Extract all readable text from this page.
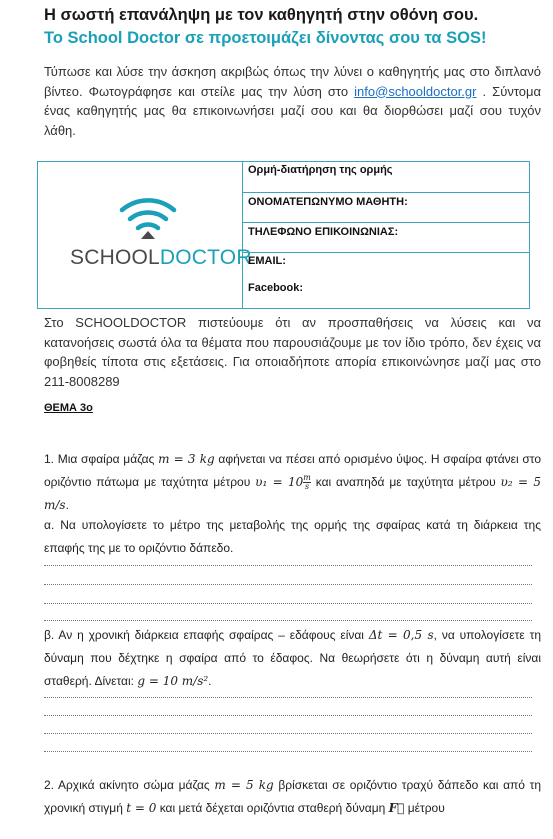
Η σωστή επανάληψη με τον καθηγητή στην οθόνη σου.
Το School Doctor σε προετοιμάζει δίνοντας σου τα SOS!
Τύπωσε και λύσε την άσκηση ακριβώς όπως την λύνει ο καθηγητής μας στο διπλανό βίντεο. Φωτογράφησε και στείλε μας την λύση στο info@schooldoctor.gr . Σύντομα ένας καθηγητής μας θα επικοινωνήσει μαζί σου και θα διορθώσει μαζί σου τυχόν λάθη.
SCHOOLDOCTOR
Ορμή-διατήρηση της ορμής
ΟΝΟΜΑΤΕΠΩΝΥΜΟ ΜΑΘΗΤΗ:
ΤΗΛΕΦΩΝΟ ΕΠΙΚΟΙΝΩΝΙΑΣ:
EMAIL:
Facebook:
Στο SCHOOLDOCTOR πιστεύουμε ότι αν προσπαθήσεις να λύσεις και να κατανοήσεις σωστά όλα τα θέματα που παρουσιάζουμε με τον ίδιο τρόπο, δεν έχεις να φοβηθείς τίποτα στις εξετάσεις. Για οποιαδήποτε απορία επικοινώνησε μαζί μας στο 211-8008289
ΘΕΜΑ 3ο
1. Μια σφαίρα μάζας m = 3 kg αφήνεται να πέσει από ορισμένο ύψος. Η σφαίρα φτάνει στο οριζόντιο πάτωμα με ταχύτητα μέτρου $\upsilon_1 = 10 \frac{m}{s}$ και αναπηδά με ταχύτητα μέτρου υ₂ = 5 m/s.
α. Να υπολογίσετε το μέτρο της μεταβολής της ορμής της σφαίρας κατά τη διάρκεια της επαφής της με το οριζόντιο δάπεδο.
β. Αν η χρονική διάρκεια επαφής σφαίρας – εδάφους είναι Δt = 0,5 s, να υπολογίσετε τη δύναμη που δέχτηκε η σφαίρα από το έδαφος. Να θεωρήσετε ότι η δύναμη αυτή είναι σταθερή. Δίνεται: g = 10 m/s².
2. Αρχικά ακίνητο σώμα μάζας m = 5 kg βρίσκεται σε οριζόντιο τραχύ δάπεδο και από τη χρονική στιγμή t = 0 και μετά δέχεται οριζόντια σταθερή δύναμη F⃗ μέτρου
